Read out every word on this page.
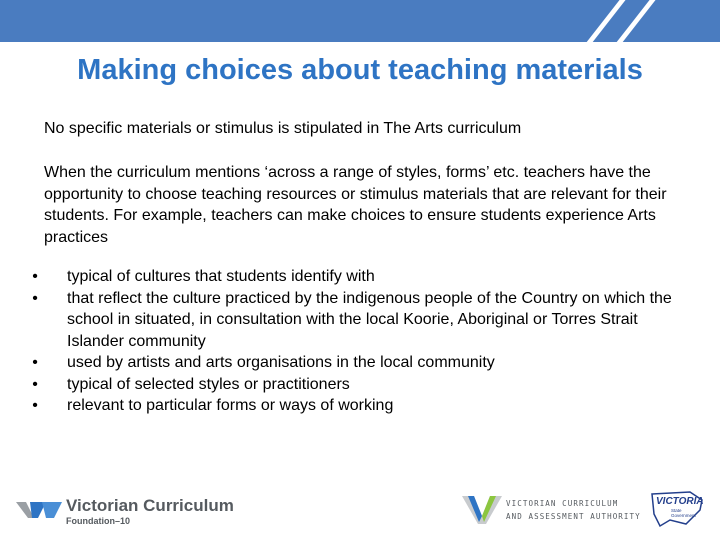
Making choices about teaching materials
No specific materials or stimulus is stipulated in The Arts curriculum
When the curriculum mentions ‘across a range of styles, forms’ etc. teachers have the opportunity to choose teaching resources or stimulus materials that are relevant for their students. For example, teachers can make choices to ensure students experience Arts practices
• typical of cultures that students identify with
• that reflect the culture practiced by the indigenous people of the Country on which the school in situated, in consultation with the local Koorie, Aboriginal or Torres Strait Islander community
• used by artists and arts organisations in the local community
• typical of selected styles or practitioners
• relevant to particular forms or ways of working
Victorian Curriculum
Foundation–10
VICTORIAN CURRICULUM
AND ASSESSMENT AUTHORITY
VICTORIA
State Government
